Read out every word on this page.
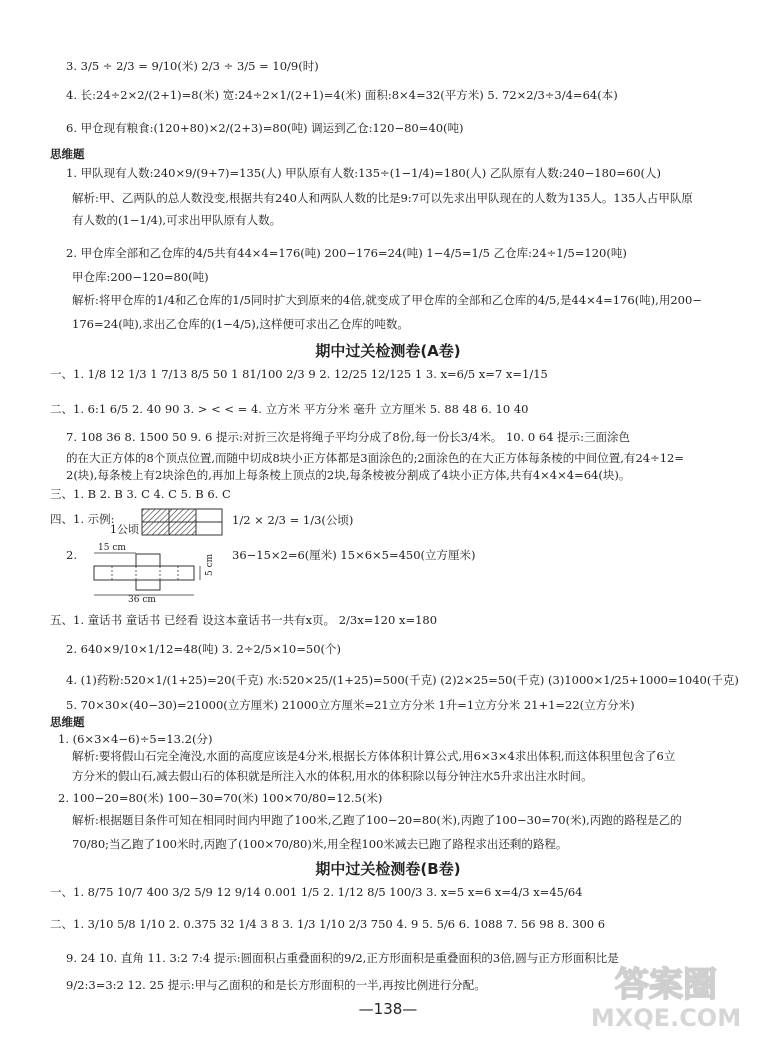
3. 3/5 ÷ 2/3 = 9/10(米) 2/3 ÷ 3/5 = 10/9(时)
4. 长:24÷2×2/(2+1)=8(米) 宽:24÷2×1/(2+1)=4(米) 面积:8×4=32(平方米) 5. 72×2/3÷3/4=64(本)
6. 甲仓现有粮食:(120+80)×2/(2+3)=80(吨) 调运到乙仓:120−80=40(吨)
思维题
1. 甲队现有人数:240×9/(9+7)=135(人) 甲队原有人数:135÷(1−1/4)=180(人) 乙队原有人数:240−180=60(人)
解析:甲、乙两队的总人数没变,根据共有240人和两队人数的比是9:7可以先求出甲队现在的人数为135人。135人占甲队原
有人数的(1−1/4),可求出甲队原有人数。
2. 甲仓库全部和乙仓库的4/5共有44×4=176(吨) 200−176=24(吨) 1−4/5=1/5 乙仓库:24÷1/5=120(吨)
甲仓库:200−120=80(吨)
解析:将甲仓库的1/4和乙仓库的1/5同时扩大到原来的4倍,就变成了甲仓库的全部和乙仓库的4/5,是44×4=176(吨),用200−
176=24(吨),求出乙仓库的(1−4/5),这样便可求出乙仓库的吨数。
期中过关检测卷(A卷)
一、1. 1/8 12 1/3 1 7/13 8/5 50 1 81/100 2/3 9 2. 12/25 12/125 1 3. x=6/5 x=7 x=1/15
二、1. 6:1 6/5 2. 40 90 3. > < < = 4. 立方米 平方分米 毫升 立方厘米 5. 88 48 6. 10 40
7. 108 36 8. 1500 50 9. 6 提示:对折三次是将绳子平均分成了8份,每一份长3/4米。 10. 0 64 提示:三面涂色
的在大正方体的8个顶点位置,而随中切成8块小正方体都是3面涂色的;2面涂色的在大正方体每条棱的中间位置,有24÷12=
2(块),每条棱上有2块涂色的,再加上每条棱上顶点的2块,每条棱被分割成了4块小正方体,共有4×4×4=64(块)。
三、1. B 2. B 3. C 4. C 5. B 6. C
四、1. 示例:
1公顷
1/2 × 2/3 = 1/3(公顷)
2. 15 cm
36 cm
5 cm 36−15×2=6(厘米) 15×6×5=450(立方厘米)
五、1. 童话书 童话书 已经看 设这本童话书一共有x页。 2/3x=120 x=180
2. 640×9/10×1/12=48(吨) 3. 2÷2/5×10=50(个)
4. (1)药粉:520×1/(1+25)=20(千克) 水:520×25/(1+25)=500(千克) (2)2×25=50(千克) (3)1000×1/25+1000=1040(千克)
5. 70×30×(40−30)=21000(立方厘米) 21000立方厘米=21立方分米 1升=1立方分米 21+1=22(立方分米)
思维题
1. (6×3×4−6)÷5=13.2(分)
解析:要将假山石完全淹没,水面的高度应该是4分米,根据长方体体积计算公式,用6×3×4求出体积,而这体积里包含了6立
方分米的假山石,减去假山石的体积就是所注入水的体积,用水的体积除以每分钟注水5升求出注水时间。
2. 100−20=80(米) 100−30=70(米) 100×70/80=12.5(米)
解析:根据题目条件可知在相同时间内甲跑了100米,乙跑了100−20=80(米),丙跑了100−30=70(米),丙跑的路程是乙的
70/80;当乙跑了100米时,丙跑了(100×70/80)米,用全程100米减去已跑了路程求出还剩的路程。
期中过关检测卷(B卷)
一、1. 8/75 10/7 400 3/2 5/9 12 9/14 0.001 1/5 2. 1/12 8/5 100/3 3. x=5 x=6 x=4/3 x=45/64
二、1. 3/10 5/8 1/10 2. 0.375 32 1/4 3 8 3. 1/3 1/10 2/3 750 4. 9 5. 5/6 6. 1088 7. 56 98 8. 300 6
9. 24 10. 直角 11. 3:2 7:4 提示:圆面积占重叠面积的9/2,正方形面积是重叠面积的3倍,圆与正方形面积比是
9/2:3=3:2 12. 25 提示:甲与乙面积的和是长方形面积的一半,再按比例进行分配。
—138—
答案圈
MXQE.COM
